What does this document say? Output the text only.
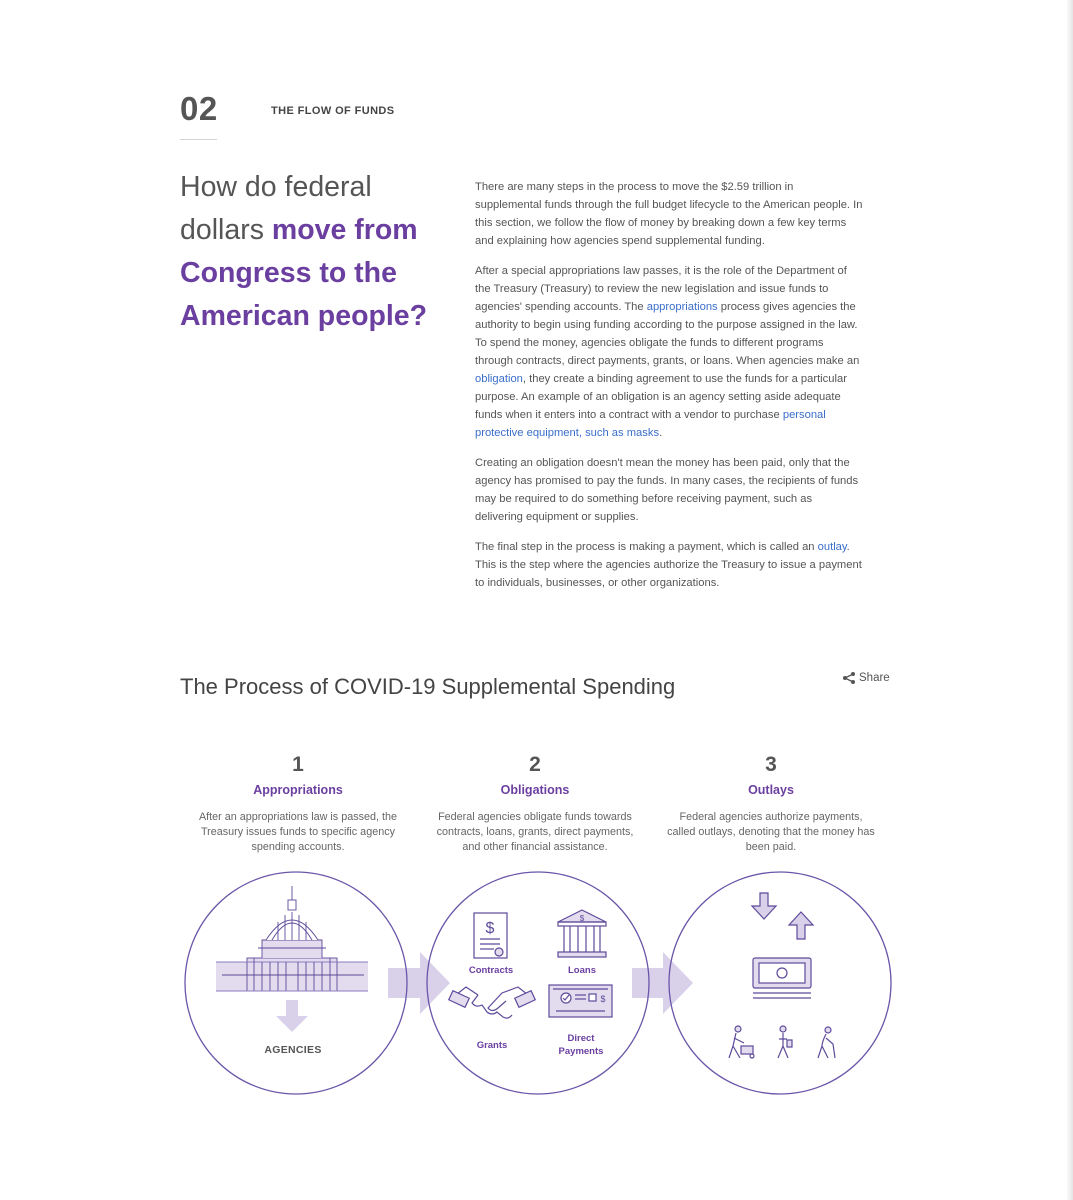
02	THE FLOW OF FUNDS
How do federal dollars move from Congress to the American people?

There are many steps in the process to move the $2.59 trillion in supplemental funds through the full budget lifecycle to the American people. In this section, we follow the flow of money by breaking down a few key terms and explaining how agencies spend supplemental funding.

After a special appropriations law passes, it is the role of the Department of the Treasury (Treasury) to review the new legislation and issue funds to agencies' spending accounts. The appropriations process gives agencies the authority to begin using funding according to the purpose assigned in the law. To spend the money, agencies obligate the funds to different programs through contracts, direct payments, grants, or loans. When agencies make an obligation, they create a binding agreement to use the funds for a particular purpose. An example of an obligation is an agency setting aside adequate funds when it enters into a contract with a vendor to purchase personal protective equipment, such as masks.

Creating an obligation doesn't mean the money has been paid, only that the agency has promised to pay the funds. In many cases, the recipients of funds may be required to do something before receiving payment, such as delivering equipment or supplies.

The final step in the process is making a payment, which is called an outlay. This is the step where the agencies authorize the Treasury to issue a payment to individuals, businesses, or other organizations.

The Process of COVID-19 Supplemental Spending	Share
1
Appropriations
After an appropriations law is passed, the Treasury issues funds to specific agency spending accounts.
2
Obligations
Federal agencies obligate funds towards contracts, loans, grants, direct payments, and other financial assistance.
3
Outlays
Federal agencies authorize payments, called outlays, denoting that the money has been paid.
AGENCIES
$
Contracts
$
Loans
Grants
$
Direct
Payments
